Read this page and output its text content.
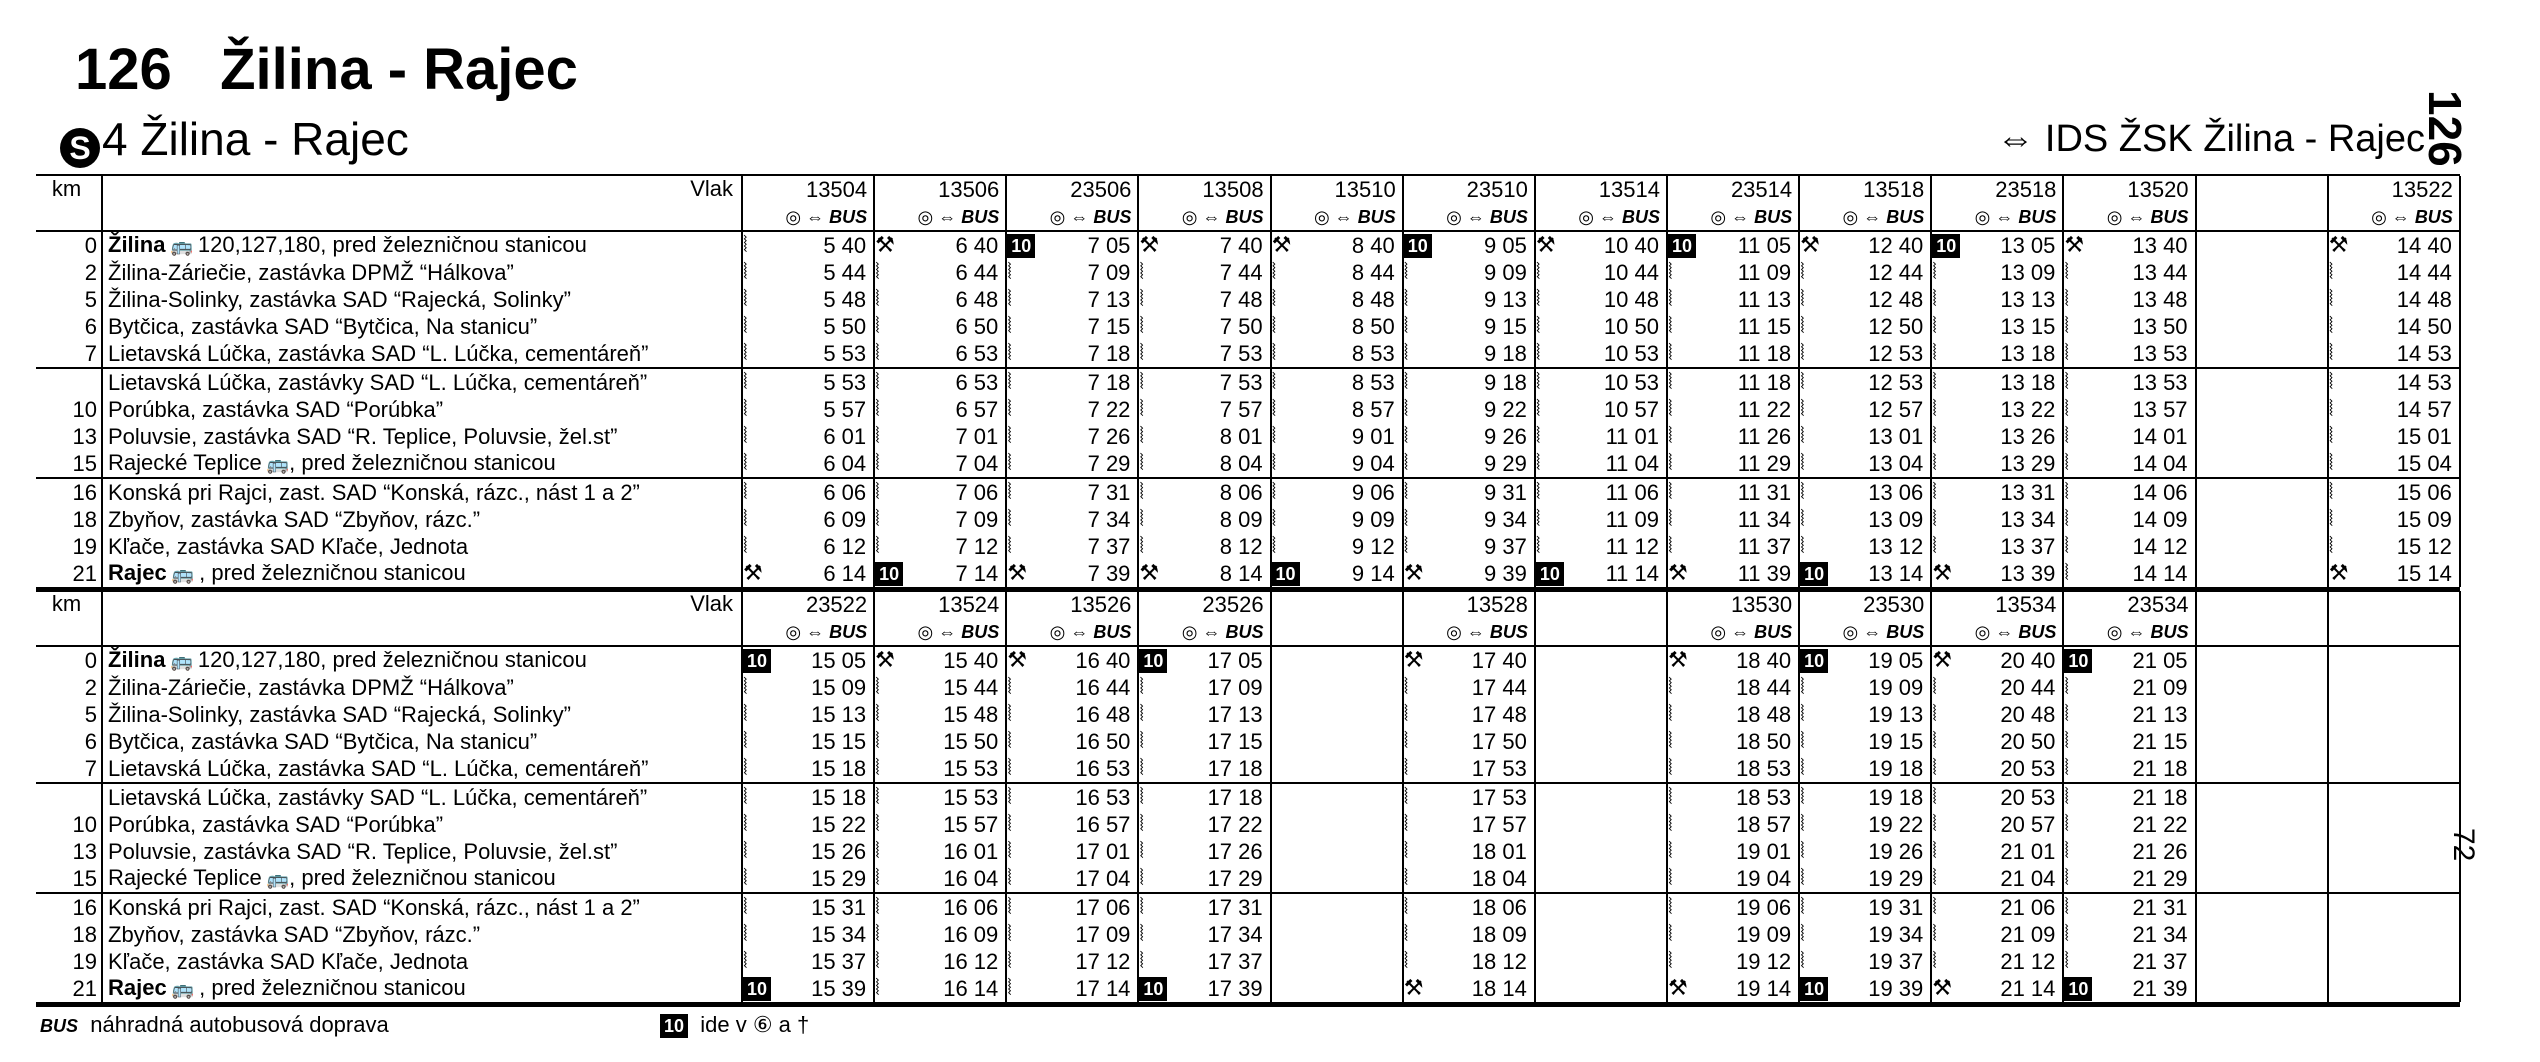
126 Žilina - Rajec
S 4 Žilina - Rajec	⇔ IDS ŽSK Žilina - Rajec
126
72
km	Vlak	13504		13506		23506		13508		13510		23510		13514		23514		13518		23518		13520				13522	
		◎ ⇔ BUS		◎ ⇔ BUS		◎ ⇔ BUS		◎ ⇔ BUS		◎ ⇔ BUS		◎ ⇔ BUS		◎ ⇔ BUS		◎ ⇔ BUS		◎ ⇔ BUS		◎ ⇔ BUS		◎ ⇔ BUS				◎ ⇔ BUS	
0	Žilina 🚌 120,127,180, pred železničnou stanicou	⦚	5 40	⚒	6 40	10	7 05	⚒	7 40	⚒	8 40	10	9 05	⚒	10 40	10	11 05	⚒	12 40	10	13 05	⚒	13 40			⚒	14 40
2	Žilina-Záriečie, zastávka DPMŽ “Hálkova”	⦚	5 44	⦚	6 44	⦚	7 09	⦚	7 44	⦚	8 44	⦚	9 09	⦚	10 44	⦚	11 09	⦚	12 44	⦚	13 09	⦚	13 44			⦚	14 44
5	Žilina-Solinky, zastávka SAD “Rajecká, Solinky”	⦚	5 48	⦚	6 48	⦚	7 13	⦚	7 48	⦚	8 48	⦚	9 13	⦚	10 48	⦚	11 13	⦚	12 48	⦚	13 13	⦚	13 48			⦚	14 48
6	Bytčica, zastávka SAD “Bytčica, Na stanicu”	⦚	5 50	⦚	6 50	⦚	7 15	⦚	7 50	⦚	8 50	⦚	9 15	⦚	10 50	⦚	11 15	⦚	12 50	⦚	13 15	⦚	13 50			⦚	14 50
7	Lietavská Lúčka, zastávka SAD “L. Lúčka, cementáreň”	⦚	5 53	⦚	6 53	⦚	7 18	⦚	7 53	⦚	8 53	⦚	9 18	⦚	10 53	⦚	11 18	⦚	12 53	⦚	13 18	⦚	13 53			⦚	14 53
	Lietavská Lúčka, zastávky SAD “L. Lúčka, cementáreň”	⦚	5 53	⦚	6 53	⦚	7 18	⦚	7 53	⦚	8 53	⦚	9 18	⦚	10 53	⦚	11 18	⦚	12 53	⦚	13 18	⦚	13 53			⦚	14 53
10	Porúbka, zastávka SAD “Porúbka”	⦚	5 57	⦚	6 57	⦚	7 22	⦚	7 57	⦚	8 57	⦚	9 22	⦚	10 57	⦚	11 22	⦚	12 57	⦚	13 22	⦚	13 57			⦚	14 57
13	Poluvsie, zastávka SAD “R. Teplice, Poluvsie, žel.st”	⦚	6 01	⦚	7 01	⦚	7 26	⦚	8 01	⦚	9 01	⦚	9 26	⦚	11 01	⦚	11 26	⦚	13 01	⦚	13 26	⦚	14 01			⦚	15 01
15	Rajecké Teplice 🚌, pred železničnou stanicou	⦚	6 04	⦚	7 04	⦚	7 29	⦚	8 04	⦚	9 04	⦚	9 29	⦚	11 04	⦚	11 29	⦚	13 04	⦚	13 29	⦚	14 04			⦚	15 04
16	Konská pri Rajci, zast. SAD “Konská, rázc., nást 1 a 2”	⦚	6 06	⦚	7 06	⦚	7 31	⦚	8 06	⦚	9 06	⦚	9 31	⦚	11 06	⦚	11 31	⦚	13 06	⦚	13 31	⦚	14 06			⦚	15 06
18	Zbyňov, zastávka SAD “Zbyňov, rázc.”	⦚	6 09	⦚	7 09	⦚	7 34	⦚	8 09	⦚	9 09	⦚	9 34	⦚	11 09	⦚	11 34	⦚	13 09	⦚	13 34	⦚	14 09			⦚	15 09
19	Kľače, zastávka SAD Kľače, Jednota	⦚	6 12	⦚	7 12	⦚	7 37	⦚	8 12	⦚	9 12	⦚	9 37	⦚	11 12	⦚	11 37	⦚	13 12	⦚	13 37	⦚	14 12			⦚	15 12
21	Rajec 🚌 , pred železničnou stanicou	⚒	6 14	10	7 14	⚒	7 39	⚒	8 14	10	9 14	⚒	9 39	10	11 14	⚒	11 39	10	13 14	⚒	13 39	⦚	14 14			⚒	15 14
km	Vlak	23522		13524		13526		23526				13528				13530		23530		13534		23534					
		◎ ⇔ BUS		◎ ⇔ BUS		◎ ⇔ BUS		◎ ⇔ BUS				◎ ⇔ BUS				◎ ⇔ BUS		◎ ⇔ BUS		◎ ⇔ BUS		◎ ⇔ BUS					
0	Žilina 🚌 120,127,180, pred železničnou stanicou	10	15 05	⚒	15 40	⚒	16 40	10	17 05			⚒	17 40			⚒	18 40	10	19 05	⚒	20 40	10	21 05				
2	Žilina-Záriečie, zastávka DPMŽ “Hálkova”	⦚	15 09	⦚	15 44	⦚	16 44	⦚	17 09			⦚	17 44			⦚	18 44	⦚	19 09	⦚	20 44	⦚	21 09				
5	Žilina-Solinky, zastávka SAD “Rajecká, Solinky”	⦚	15 13	⦚	15 48	⦚	16 48	⦚	17 13			⦚	17 48			⦚	18 48	⦚	19 13	⦚	20 48	⦚	21 13				
6	Bytčica, zastávka SAD “Bytčica, Na stanicu”	⦚	15 15	⦚	15 50	⦚	16 50	⦚	17 15			⦚	17 50			⦚	18 50	⦚	19 15	⦚	20 50	⦚	21 15				
7	Lietavská Lúčka, zastávka SAD “L. Lúčka, cementáreň”	⦚	15 18	⦚	15 53	⦚	16 53	⦚	17 18			⦚	17 53			⦚	18 53	⦚	19 18	⦚	20 53	⦚	21 18				
	Lietavská Lúčka, zastávky SAD “L. Lúčka, cementáreň”	⦚	15 18	⦚	15 53	⦚	16 53	⦚	17 18			⦚	17 53			⦚	18 53	⦚	19 18	⦚	20 53	⦚	21 18				
10	Porúbka, zastávka SAD “Porúbka”	⦚	15 22	⦚	15 57	⦚	16 57	⦚	17 22			⦚	17 57			⦚	18 57	⦚	19 22	⦚	20 57	⦚	21 22				
13	Poluvsie, zastávka SAD “R. Teplice, Poluvsie, žel.st”	⦚	15 26	⦚	16 01	⦚	17 01	⦚	17 26			⦚	18 01			⦚	19 01	⦚	19 26	⦚	21 01	⦚	21 26				
15	Rajecké Teplice 🚌, pred železničnou stanicou	⦚	15 29	⦚	16 04	⦚	17 04	⦚	17 29			⦚	18 04			⦚	19 04	⦚	19 29	⦚	21 04	⦚	21 29				
16	Konská pri Rajci, zast. SAD “Konská, rázc., nást 1 a 2”	⦚	15 31	⦚	16 06	⦚	17 06	⦚	17 31			⦚	18 06			⦚	19 06	⦚	19 31	⦚	21 06	⦚	21 31				
18	Zbyňov, zastávka SAD “Zbyňov, rázc.”	⦚	15 34	⦚	16 09	⦚	17 09	⦚	17 34			⦚	18 09			⦚	19 09	⦚	19 34	⦚	21 09	⦚	21 34				
19	Kľače, zastávka SAD Kľače, Jednota	⦚	15 37	⦚	16 12	⦚	17 12	⦚	17 37			⦚	18 12			⦚	19 12	⦚	19 37	⦚	21 12	⦚	21 37				
21	Rajec 🚌 , pred železničnou stanicou	10	15 39	⦚	16 14	⦚	17 14	10	17 39			⚒	18 14			⚒	19 14	10	19 39	⚒	21 14	10	21 39				
BUS náhradná autobusová doprava	10 ide v ⑥ a †
